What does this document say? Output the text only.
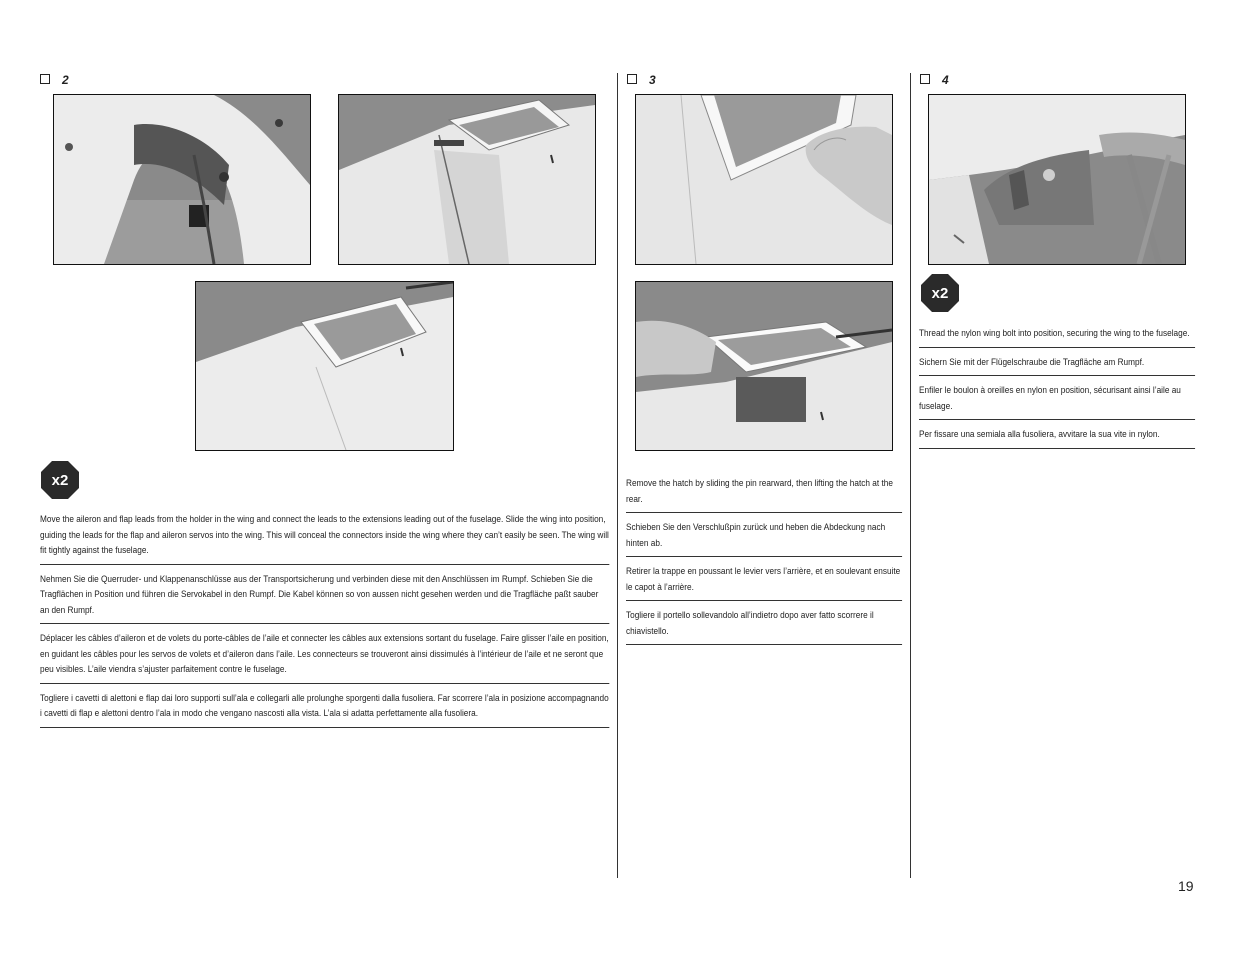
2
x2
Move the aileron and flap leads from the holder in the wing and connect the leads to the extensions leading out of the fuselage. Slide the wing into position, guiding the leads for the flap and aileron servos into the wing. This will conceal the connectors inside the wing where they can’t easily be seen. The wing will fit tightly against the fuselage.
Nehmen Sie die Querruder- und Klappenanschlüsse aus der Transportsicherung und verbinden diese mit den Anschlüssen im Rumpf. Schieben Sie die Tragflächen in Position und führen die Servokabel in den Rumpf. Die Kabel können so von aussen nicht gesehen werden und die Tragfläche paßt sauber an den Rumpf.
Déplacer les câbles d’aileron et de volets du porte-câbles de l’aile et connecter les câbles aux extensions sortant du fuselage. Faire glisser l’aile en position, en guidant les câbles pour les servos de volets et d’aileron dans l’aile. Les connecteurs se trouveront ainsi dissimulés à l’intérieur de l’aile et ne seront que peu visibles. L’aile viendra s’ajuster parfaitement contre le fuselage.
Togliere i cavetti di alettoni e flap dai loro supporti sull’ala e collegarli alle prolunghe sporgenti dalla fusoliera. Far scorrere l’ala in posizione accompagnando i cavetti di flap e alettoni dentro l’ala in modo che vengano nascosti alla vista. L’ala si adatta perfettamente alla fusoliera.
3
Remove the hatch by sliding the pin rearward, then lifting the hatch at the rear.
Schieben Sie den Verschlußpin zurück und heben die Abdeckung nach hinten ab.
Retirer la trappe en poussant le levier vers l’arrière, et en soulevant ensuite le capot à l’arrière.
Togliere il portello sollevandolo all’indietro dopo aver fatto scorrere il chiavistello.
4
x2
Thread the nylon wing bolt into position, securing the wing to the fuselage.
Sichern Sie mit der Flügelschraube die Tragfläche am Rumpf.
Enfiler le boulon à oreilles en nylon en position, sécurisant ainsi l’aile au fuselage.
Per fissare una semiala alla fusoliera, avvitare la sua vite in nylon.
19
